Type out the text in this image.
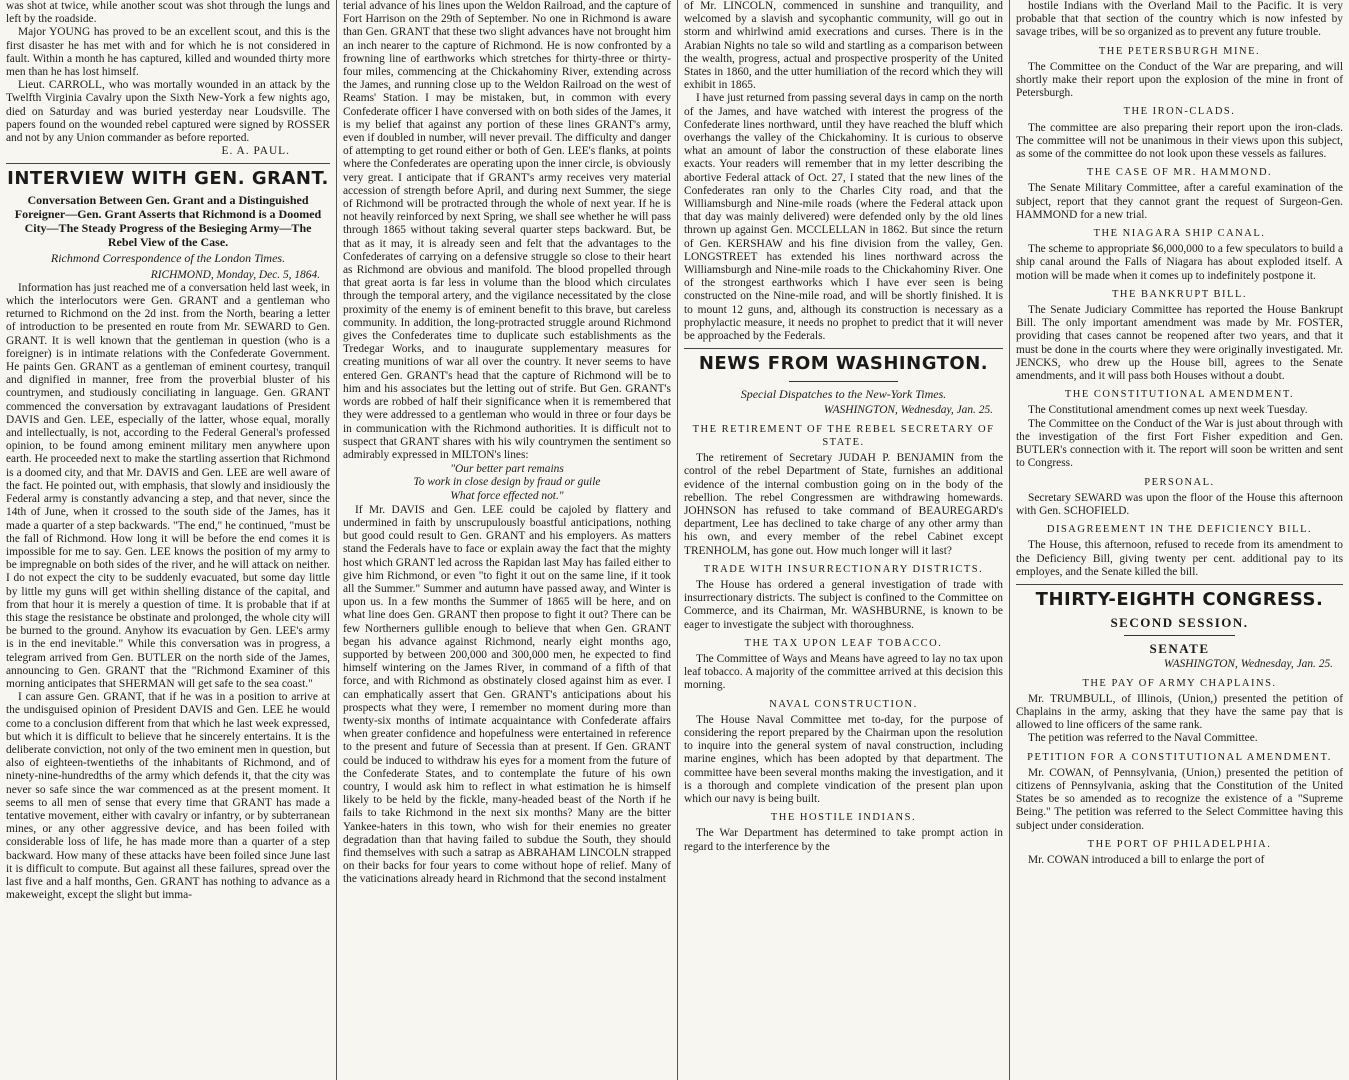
was shot at twice, while another scout was shot through the lungs and left by the roadside.

Major YOUNG has proved to be an excellent scout, and this is the first disaster he has met with and for which he is not considered in fault. Within a month he has captured, killed and wounded thirty more men than he has lost himself.

Lieut. CARROLL, who was mortally wounded in an attack by the Twelfth Virginia Cavalry upon the Sixth New-York a few nights ago, died on Saturday and was buried yesterday near Loudsville. The papers found on the wounded rebel captured were signed by ROSSER and not by any Union commander as before reported.

E. A. PAUL.
INTERVIEW WITH GEN. GRANT.
Conversation Between Gen. Grant and a Distinguished Foreigner—Gen. Grant Asserts that Richmond is a Doomed City—The Steady Progress of the Besieging Army—The Rebel View of the Case.
Richmond Correspondence of the London Times.
RICHMOND, Monday, Dec. 5, 1864.

Information has just reached me of a conversation held last week, in which the interlocutors were Gen. GRANT and a gentleman who returned to Richmond on the 2d inst. from the North, bearing a letter of introduction to be presented en route from Mr. SEWARD to Gen. GRANT. It is well known that the gentleman in question (who is a foreigner) is in intimate relations with the Confederate Government. He paints Gen. GRANT as a gentleman of eminent courtesy, tranquil and dignified in manner, free from the proverbial bluster of his countrymen, and studiously conciliating in language. Gen. GRANT commenced the conversation by extravagant laudations of President DAVIS and Gen. LEE, especially of the latter, whose equal, morally and intellectually, is not, according to the Federal General's professed opinion, to be found among eminent military men anywhere upon earth. He proceeded next to make the startling assertion that Richmond is a doomed city, and that Mr. DAVIS and Gen. LEE are well aware of the fact. He pointed out, with emphasis, that slowly and insidiously the Federal army is constantly advancing a step, and that never, since the 14th of June, when it crossed to the south side of the James, has it made a quarter of a step backwards. "The end," he continued, "must be the fall of Richmond. How long it will be before the end comes it is impossible for me to say. Gen. LEE knows the position of my army to be impregnable on both sides of the river, and he will attack on neither. I do not expect the city to be suddenly evacuated, but some day little by little my guns will get within shelling distance of the capital, and from that hour it is merely a question of time. It is probable that if at this stage the resistance be obstinate and prolonged, the whole city will be burned to the ground. Anyhow its evacuation by Gen. LEE's army is in the end inevitable." While this conversation was in progress, a telegram arrived from Gen. BUTLER on the north side of the James, announcing to Gen. GRANT that the "Richmond Examiner of this morning anticipates that SHERMAN will get safe to the sea coast."

I can assure Gen. GRANT, that if he was in a position to arrive at the undisguised opinion of President DAVIS and Gen. LEE he would come to a conclusion different from that which he last week expressed, but which it is difficult to believe that he sincerely entertains. It is the deliberate conviction, not only of the two eminent men in question, but also of eighteen-twentieths of the inhabitants of Richmond, and of ninety-nine-hundredths of the army which defends it, that the city was never so safe since the war commenced as at the present moment. It seems to all men of sense that every time that GRANT has made a tentative movement, either with cavalry or infantry, or by subterranean mines, or any other aggressive device, and has been foiled with considerable loss of life, he has made more than a quarter of a step backward. How many of these attacks have been foiled since June last it is difficult to compute. But against all these failures, spread over the last five and a half months, Gen. GRANT has nothing to advance as a makeweight, except the slight but imma-

terial advance of his lines upon the Weldon Railroad, and the capture of Fort Harrison on the 29th of September. No one in Richmond is aware than Gen. GRANT that these two slight advances have not brought him an inch nearer to the capture of Richmond. He is now confronted by a frowning line of earthworks which stretches for thirty-three or thirty-four miles, commencing at the Chickahominy River, extending across the James, and running close up to the Weldon Railroad on the west of Reams' Station. I may be mistaken, but, in common with every Confederate officer I have conversed with on both sides of the James, it is my belief that against any portion of these lines GRANT's army, even if doubled in number, will never prevail. The difficulty and danger of attempting to get round either or both of Gen. LEE's flanks, at points where the Confederates are operating upon the inner circle, is obviously very great. I anticipate that if GRANT's army receives very material accession of strength before April, and during next Summer, the siege of Richmond will be protracted through the whole of next year. If he is not heavily reinforced by next Spring, we shall see whether he will pass through 1865 without taking several quarter steps backward. But, be that as it may, it is already seen and felt that the advantages to the Confederates of carrying on a defensive struggle so close to their heart as Richmond are obvious and manifold. The blood propelled through that great aorta is far less in volume than the blood which circulates through the temporal artery, and the vigilance necessitated by the close proximity of the enemy is of eminent benefit to this brave, but careless community. In addition, the long-protracted struggle around Richmond gives the Confederates time to duplicate such establishments as the Tredegar Works, and to inaugurate supplementary measures for creating munitions of war all over the country. It never seems to have entered Gen. GRANT's head that the capture of Richmond will be to him and his associates but the letting out of strife. But Gen. GRANT's words are robbed of half their significance when it is remembered that they were addressed to a gentleman who would in three or four days be in communication with the Richmond authorities. It is difficult not to suspect that GRANT shares with his wily countrymen the sentiment so admirably expressed in MILTON's lines:

"Our better part remains
To work in close design by fraud or guile
What force effected not."

If Mr. DAVIS and Gen. LEE could be cajoled by flattery and undermined in faith by unscrupulously boastful anticipations, nothing but good could result to Gen. GRANT and his employers. As matters stand the Federals have to face or explain away the fact that the mighty host which GRANT led across the Rapidan last May has failed either to give him Richmond, or even "to fight it out on the same line, if it took all the Summer." Summer and autumn have passed away, and Winter is upon us. In a few months the Summer of 1865 will be here, and on what line does Gen. GRANT then propose to fight it out? There can be few Northerners gullible enough to believe that when Gen. GRANT began his advance against Richmond, nearly eight months ago, supported by between 200,000 and 300,000 men, he expected to find himself wintering on the James River, in command of a fifth of that force, and with Richmond as obstinately closed against him as ever. I can emphatically assert that Gen. GRANT's anticipations about his prospects what they were, I remember no moment during more than twenty-six months of intimate acquaintance with Confederate affairs when greater confidence and hopefulness were entertained in reference to the present and future of Secessia than at present. If Gen. GRANT could be induced to withdraw his eyes for a moment from the future of the Confederate States, and to contemplate the future of his own country, I would ask him to reflect in what estimation he is himself likely to be held by the fickle, many-headed beast of the North if he fails to take Richmond in the next six months? Many are the bitter Yankee-haters in this town, who wish for their enemies no greater degradation than that having failed to subdue the South, they should find themselves with such a satrap as ABRAHAM LINCOLN strapped on their backs for four years to come without hope of relief. Many of the vaticinations already heard in Richmond that the second instalment

of Mr. LINCOLN, commenced in sunshine and tranquility, and welcomed by a slavish and sycophantic community, will go out in storm and whirlwind amid execrations and curses. There is in the Arabian Nights no tale so wild and startling as a comparison between the wealth, progress, actual and prospective prosperity of the United States in 1860, and the utter humiliation of the record which they will exhibit in 1865.

I have just returned from passing several days in camp on the north of the James, and have watched with interest the progress of the Confederate lines northward, until they have reached the bluff which overhangs the valley of the Chickahominy. It is curious to observe what an amount of labor the construction of these elaborate lines exacts. Your readers will remember that in my letter describing the abortive Federal attack of Oct. 27, I stated that the new lines of the Confederates ran only to the Charles City road, and that the Williamsburgh and Nine-mile roads (where the Federal attack upon that day was mainly delivered) were defended only by the old lines thrown up against Gen. MCCLELLAN in 1862. But since the return of Gen. KERSHAW and his fine division from the valley, Gen. LONGSTREET has extended his lines northward across the Williamsburgh and Nine-mile roads to the Chickahominy River. One of the strongest earthworks which I have ever seen is being constructed on the Nine-mile road, and will be shortly finished. It is to mount 12 guns, and, although its construction is necessary as a prophylactic measure, it needs no prophet to predict that it will never be approached by the Federals.

NEWS FROM WASHINGTON.
Special Dispatches to the New-York Times.
WASHINGTON, Wednesday, Jan. 25.
THE RETIREMENT OF THE REBEL SECRETARY OF STATE.

The retirement of Secretary JUDAH P. BENJAMIN from the control of the rebel Department of State, furnishes an additional evidence of the internal combustion going on in the body of the rebellion. The rebel Congressmen are withdrawing homewards. JOHNSON has refused to take command of BEAUREGARD's department, Lee has declined to take charge of any other army than his own, and every member of the rebel Cabinet except TRENHOLM, has gone out. How much longer will it last?

TRADE WITH INSURRECTIONARY DISTRICTS.

The House has ordered a general investigation of trade with insurrectionary districts. The subject is confined to the Committee on Commerce, and its Chairman, Mr. WASHBURNE, is known to be eager to investigate the subject with thoroughness.

THE TAX UPON LEAF TOBACCO.

The Committee of Ways and Means have agreed to lay no tax upon leaf tobacco. A majority of the committee arrived at this decision this morning.

NAVAL CONSTRUCTION.

The House Naval Committee met to-day, for the purpose of considering the report prepared by the Chairman upon the resolution to inquire into the general system of naval construction, including marine engines, which has been adopted by that department. The committee have been several months making the investigation, and it is a thorough and complete vindication of the present plan upon which our navy is being built.

THE HOSTILE INDIANS.

The War Department has determined to take prompt action in regard to the interference by the

hostile Indians with the Overland Mail to the Pacific. It is very probable that that section of the country which is now infested by savage tribes, will be so organized as to prevent any future trouble.

THE PETERSBURGH MINE.

The Committee on the Conduct of the War are preparing, and will shortly make their report upon the explosion of the mine in front of Petersburgh.

THE IRON-CLADS.

The committee are also preparing their report upon the iron-clads. The committee will not be unanimous in their views upon this subject, as some of the committee do not look upon these vessels as failures.

THE CASE OF MR. HAMMOND.

The Senate Military Committee, after a careful examination of the subject, report that they cannot grant the request of Surgeon-Gen. HAMMOND for a new trial.

THE NIAGARA SHIP CANAL.

The scheme to appropriate $6,000,000 to a few speculators to build a ship canal around the Falls of Niagara has about exploded itself. A motion will be made when it comes up to indefinitely postpone it.

THE BANKRUPT BILL.

The Senate Judiciary Committee has reported the House Bankrupt Bill. The only important amendment was made by Mr. FOSTER, providing that cases cannot be reopened after two years, and that it must be done in the courts where they were originally investigated. Mr. JENCKS, who drew up the House bill, agrees to the Senate amendments, and it will pass both Houses without a doubt.

THE CONSTITUTIONAL AMENDMENT.

The Constitutional amendment comes up next week Tuesday.

The Committee on the Conduct of the War is just about through with the investigation of the first Fort Fisher expedition and Gen. BUTLER's connection with it. The report will soon be written and sent to Congress.

PERSONAL.

Secretary SEWARD was upon the floor of the House this afternoon with Gen. SCHOFIELD.

DISAGREEMENT IN THE DEFICIENCY BILL.

The House, this afternoon, refused to recede from its amendment to the Deficiency Bill, giving twenty per cent. additional pay to its employes, and the Senate killed the bill.

THIRTY-EIGHTH CONGRESS.
SECOND SESSION.
SENATE
WASHINGTON, Wednesday, Jan. 25.
THE PAY OF ARMY CHAPLAINS.

Mr. TRUMBULL, of Illinois, (Union,) presented the petition of Chaplains in the army, asking that they have the same pay that is allowed to line officers of the same rank.

The petition was referred to the Naval Committee.

PETITION FOR A CONSTITUTIONAL AMENDMENT.

Mr. COWAN, of Pennsylvania, (Union,) presented the petition of citizens of Pennsylvania, asking that the Constitution of the United States be so amended as to recognize the existence of a "Supreme Being." The petition was referred to the Select Committee having this subject under consideration.

THE PORT OF PHILADELPHIA.

Mr. COWAN introduced a bill to enlarge the port of
